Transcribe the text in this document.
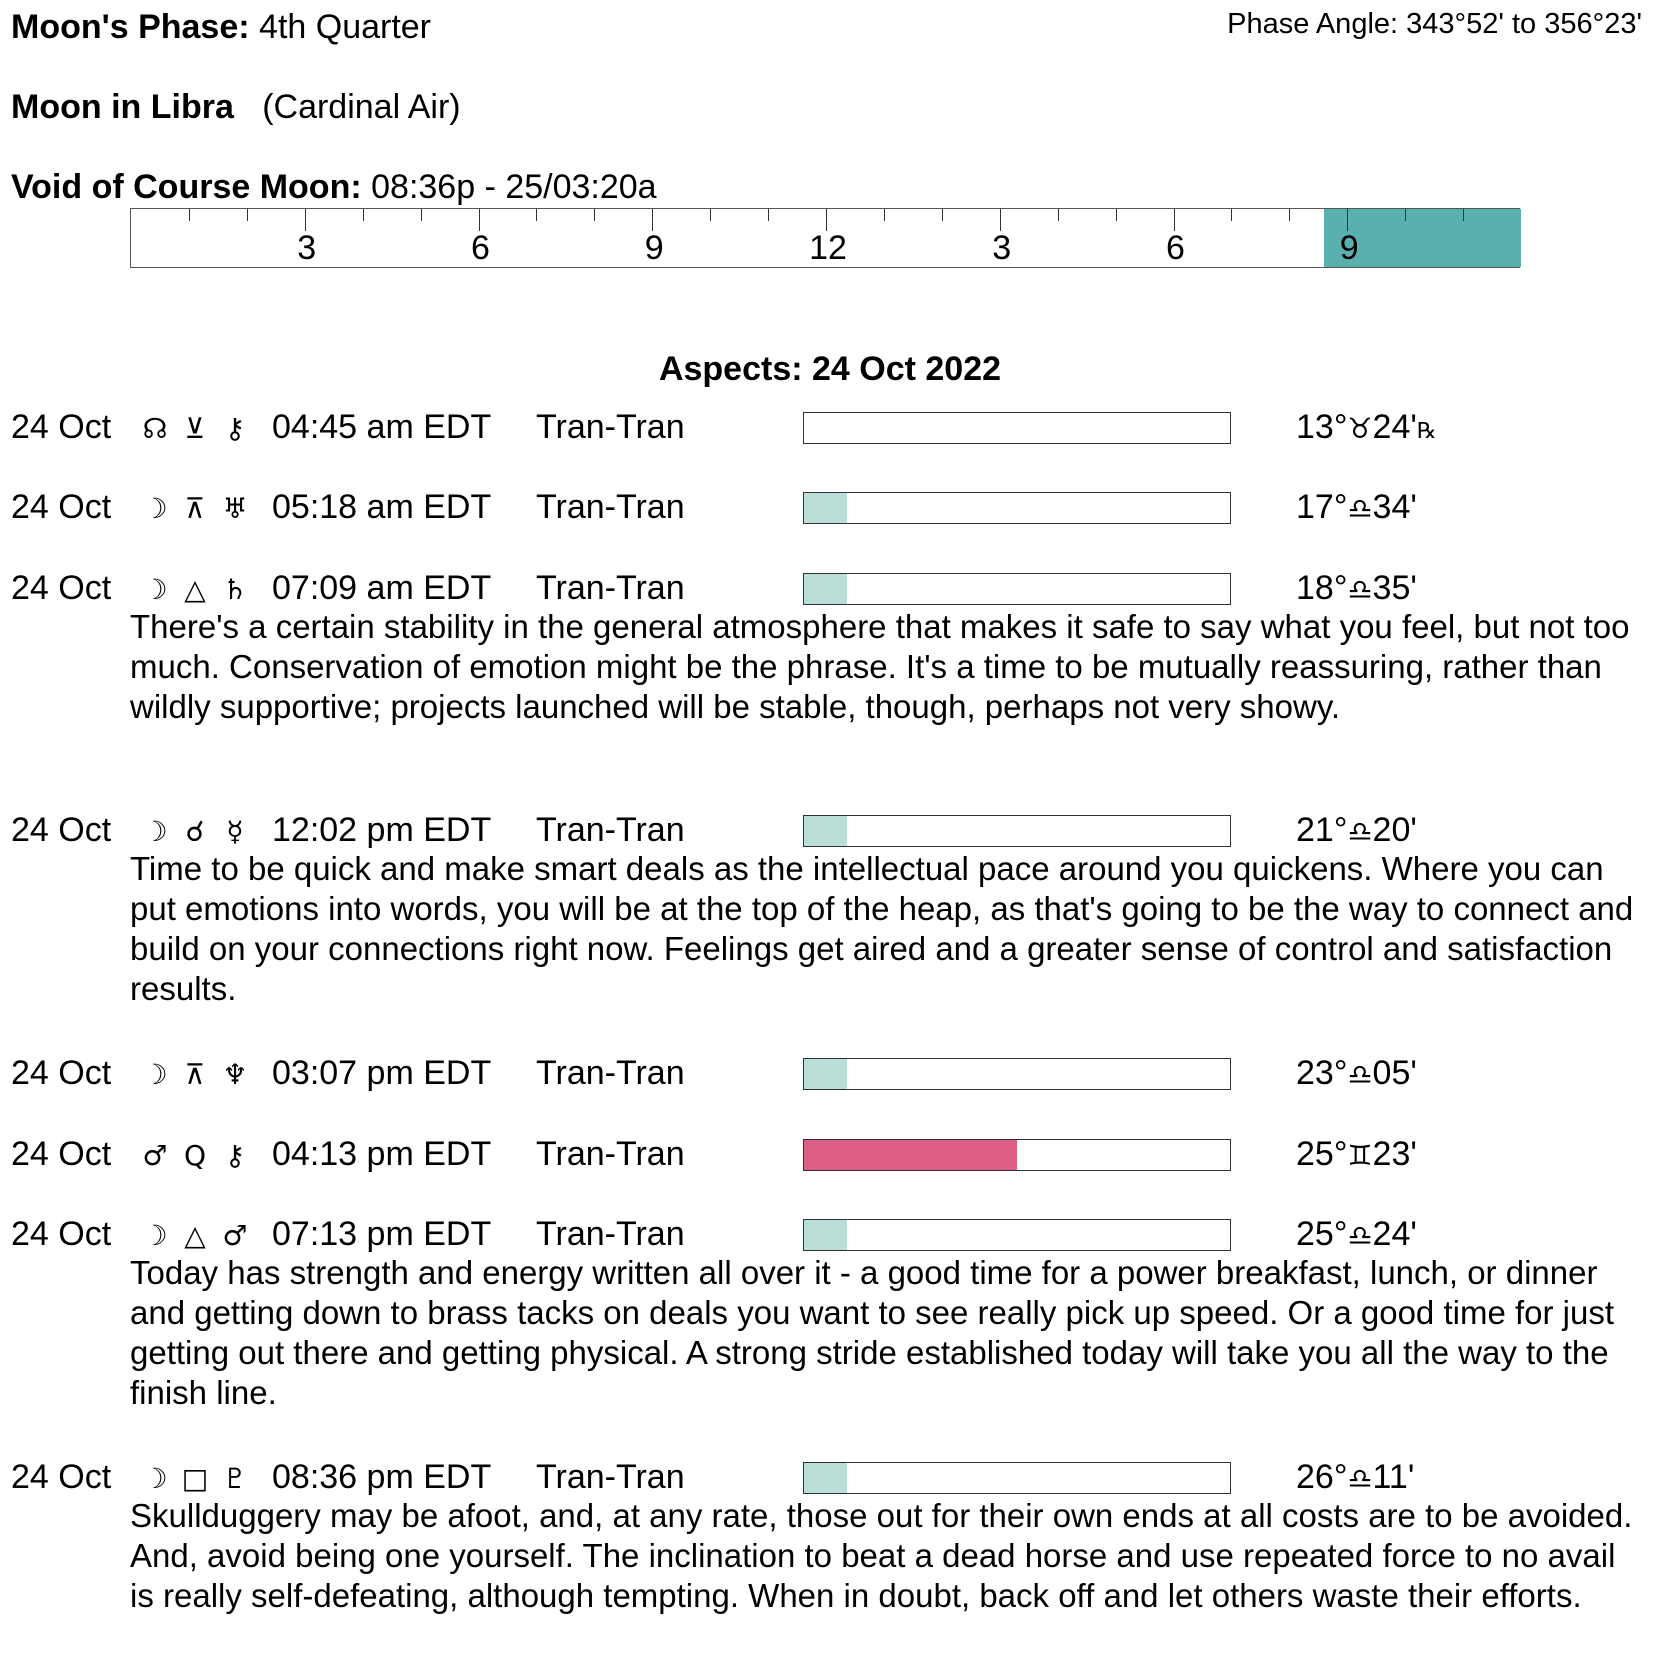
Moon's Phase: 4th Quarter	Phase Angle: 343°52' to 356°23'
Moon in Libra (Cardinal Air)
Void of Course Moon: 08:36p - 25/03:20a
3	6	9	12	3	6	9
Aspects: 24 Oct 2022
24 Oct ☊ ⊻ ⚷ 04:45 am EDT Tran-Tran	13°♉24'℞
24 Oct ☽ ⊼ ♅ 05:18 am EDT Tran-Tran	17°♎34'
24 Oct ☽ △ ♄ 07:09 am EDT Tran-Tran	18°♎35'
There's a certain stability in the general atmosphere that makes it safe to say what you feel, but not too much. Conservation of emotion might be the phrase. It's a time to be mutually reassuring, rather than wildly supportive; projects launched will be stable, though, perhaps not very showy.
24 Oct ☽ ☌ ☿ 12:02 pm EDT Tran-Tran	21°♎20'
Time to be quick and make smart deals as the intellectual pace around you quickens. Where you can put emotions into words, you will be at the top of the heap, as that's going to be the way to connect and build on your connections right now. Feelings get aired and a greater sense of control and satisfaction results.
24 Oct ☽ ⊼ ♆ 03:07 pm EDT Tran-Tran	23°♎05'
24 Oct ♂ Q ⚷ 04:13 pm EDT Tran-Tran	25°♊23'
24 Oct ☽ △ ♂ 07:13 pm EDT Tran-Tran	25°♎24'
Today has strength and energy written all over it - a good time for a power breakfast, lunch, or dinner and getting down to brass tacks on deals you want to see really pick up speed. Or a good time for just getting out there and getting physical. A strong stride established today will take you all the way to the finish line.
24 Oct ☽ □ ♇ 08:36 pm EDT Tran-Tran	26°♎11'
Skullduggery may be afoot, and, at any rate, those out for their own ends at all costs are to be avoided. And, avoid being one yourself. The inclination to beat a dead horse and use repeated force to no avail is really self-defeating, although tempting. When in doubt, back off and let others waste their efforts.
